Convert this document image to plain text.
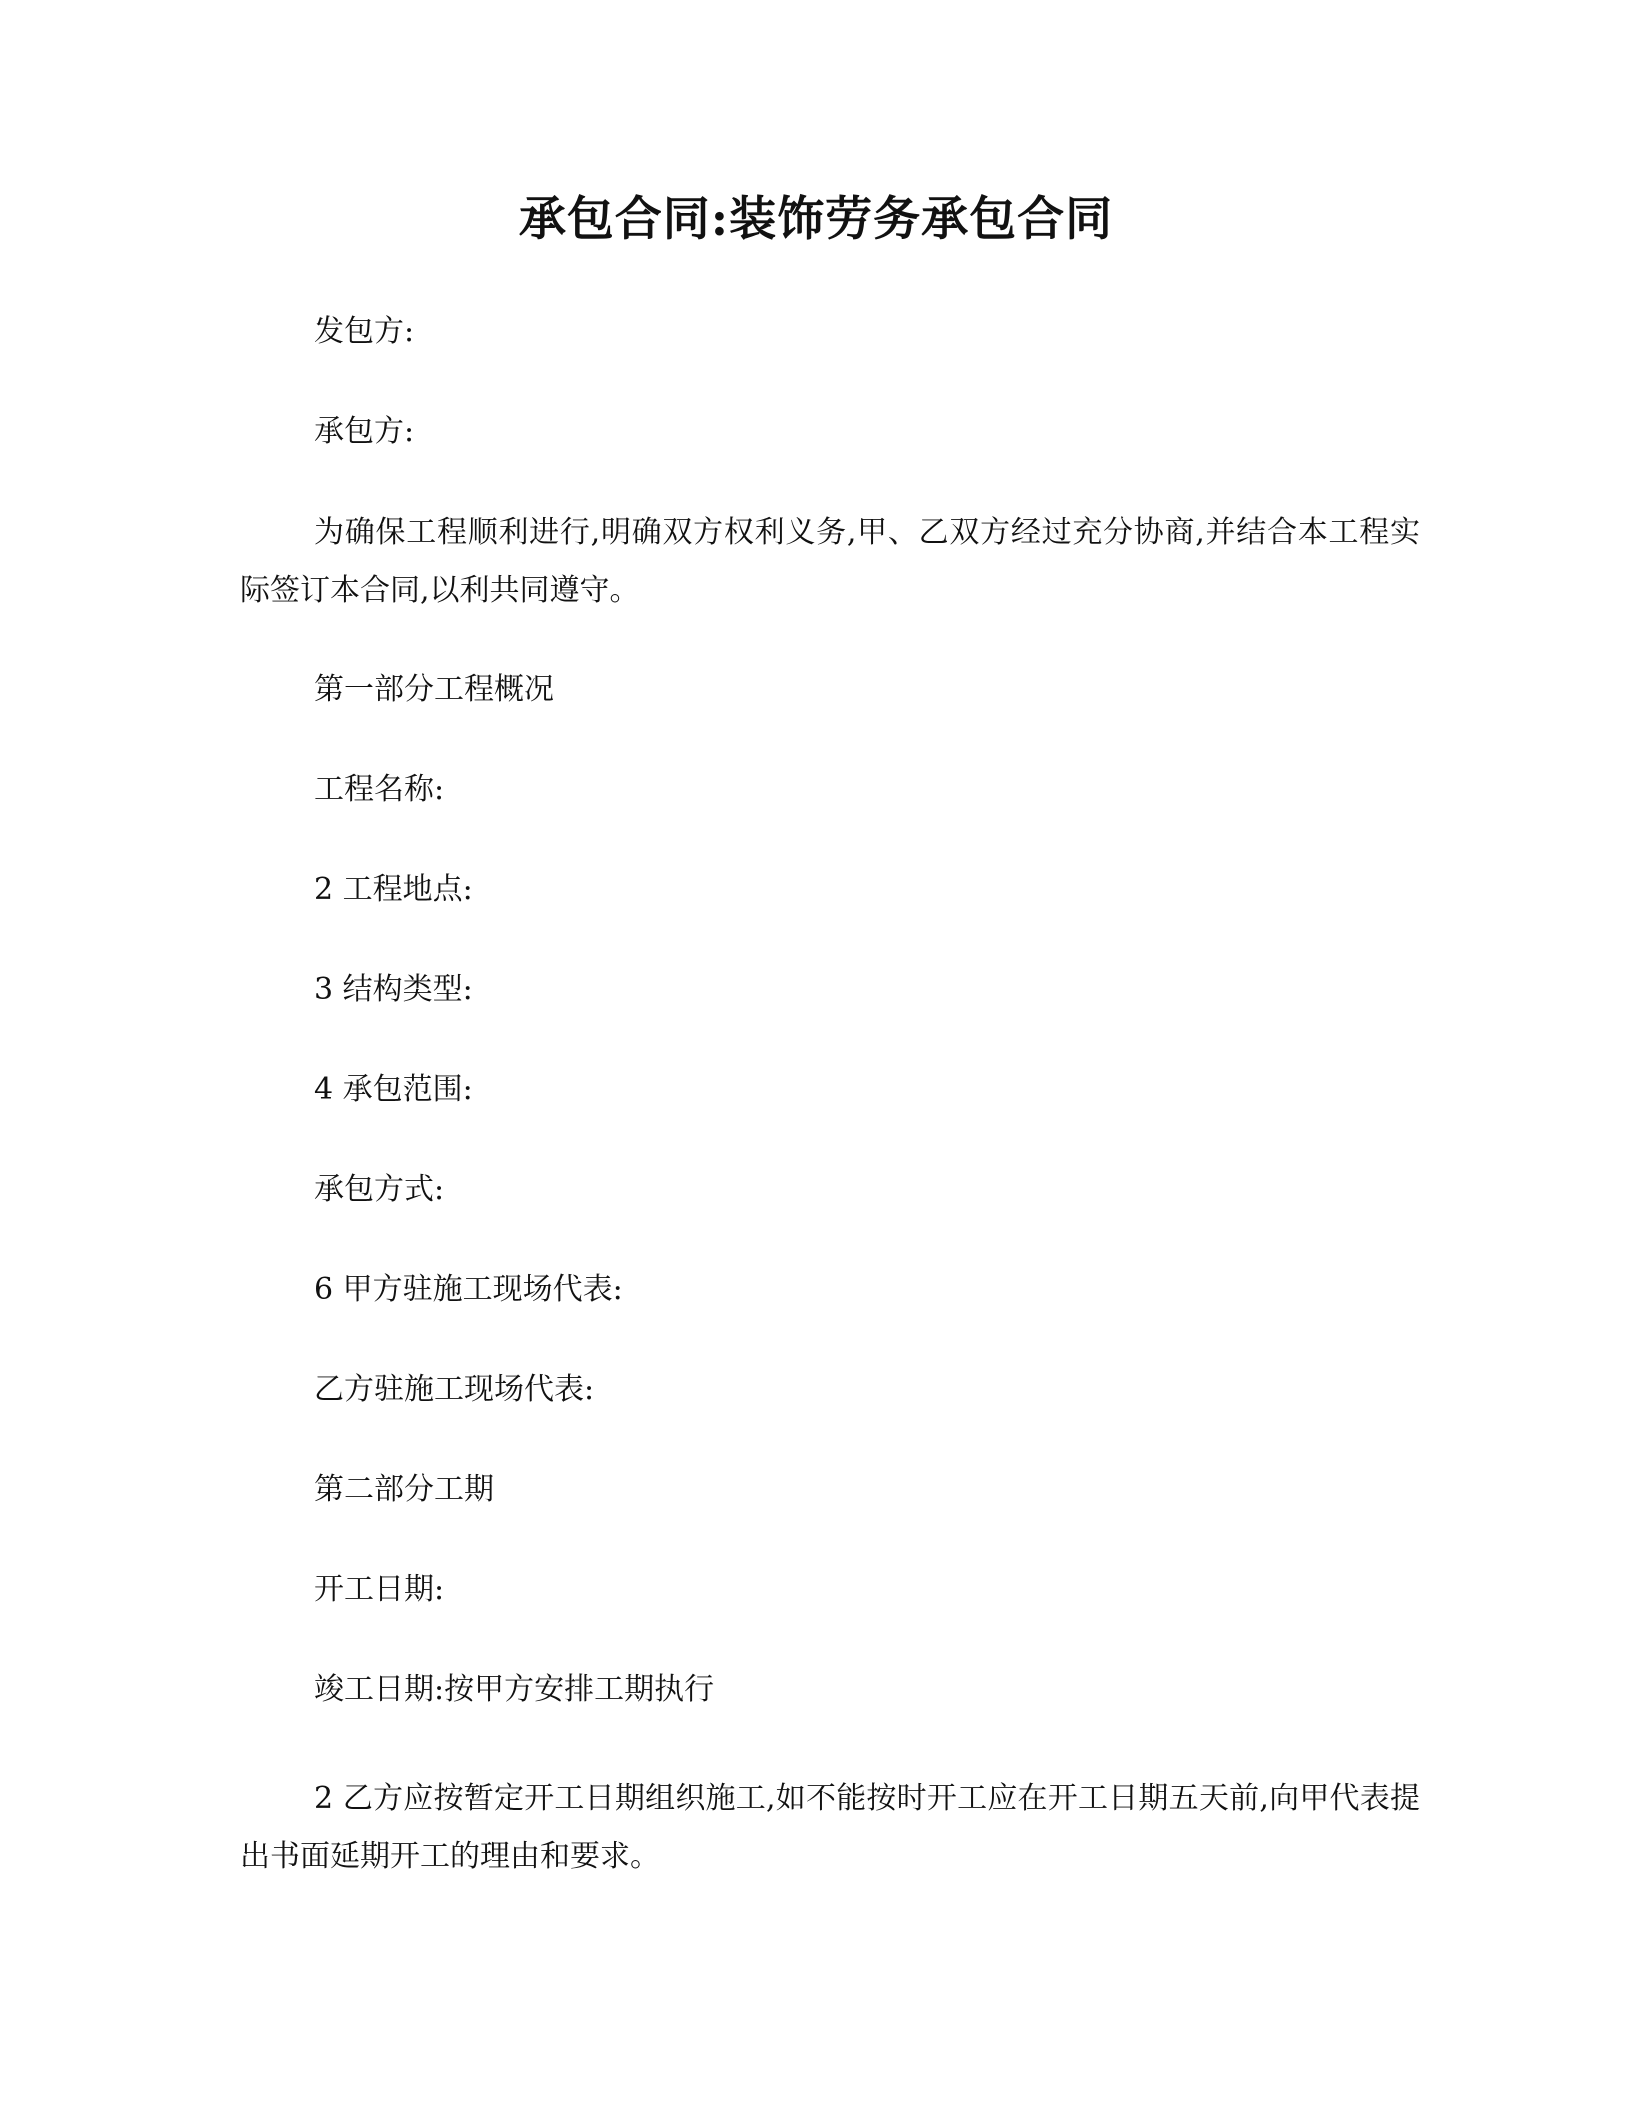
承包合同:装饰劳务承包合同
发包方:
承包方:
为确保工程顺利进行,明确双方权利义务,甲、乙双方经过充分协商,并结合本工程实际签订本合同,以利共同遵守。
第一部分工程概况
工程名称:
2 工程地点:
3 结构类型:
4 承包范围:
承包方式:
6 甲方驻施工现场代表:
乙方驻施工现场代表:
第二部分工期
开工日期:
竣工日期:按甲方安排工期执行
2 乙方应按暂定开工日期组织施工,如不能按时开工应在开工日期五天前,向甲代表提出书面延期开工的理由和要求。
